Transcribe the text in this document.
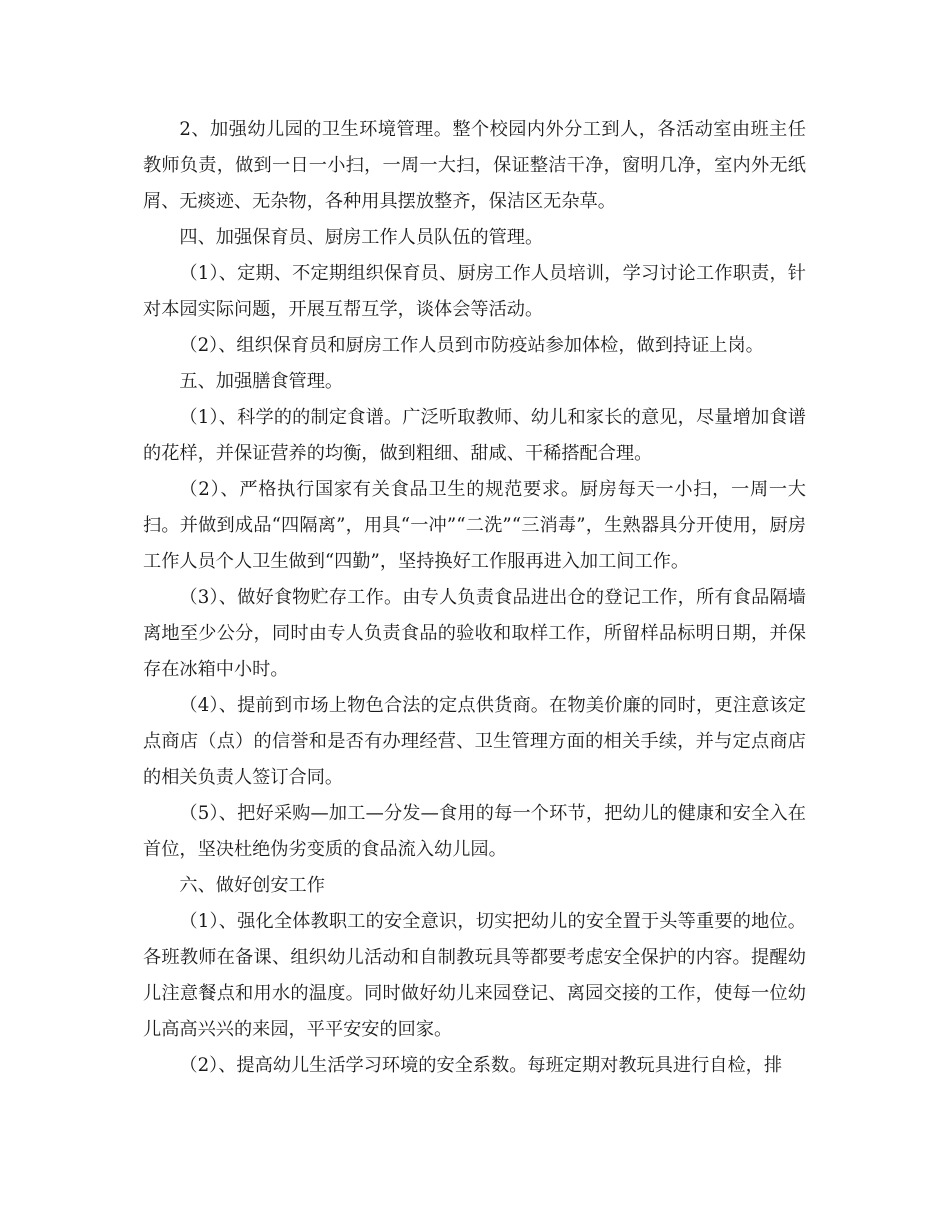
2、加强幼儿园的卫生环境管理。整个校园内外分工到人，各活动室由班主任教师负责，做到一日一小扫，一周一大扫，保证整洁干净，窗明几净，室内外无纸屑、无痰迹、无杂物，各种用具摆放整齐，保洁区无杂草。

四、加强保育员、厨房工作人员队伍的管理。

（1）、定期、不定期组织保育员、厨房工作人员培训，学习讨论工作职责，针对本园实际问题，开展互帮互学，谈体会等活动。

（2）、组织保育员和厨房工作人员到市防疫站参加体检，做到持证上岗。

五、加强膳食管理。

（1）、科学的的制定食谱。广泛听取教师、幼儿和家长的意见，尽量增加食谱的花样，并保证营养的均衡，做到粗细、甜咸、干稀搭配合理。

（2）、严格执行国家有关食品卫生的规范要求。厨房每天一小扫，一周一大扫。并做到成品“四隔离”，用具“一冲”“二洗”“三消毒”，生熟器具分开使用，厨房工作人员个人卫生做到“四勤”，坚持换好工作服再进入加工间工作。

（3）、做好食物贮存工作。由专人负责食品进出仓的登记工作，所有食品隔墙离地至少公分，同时由专人负责食品的验收和取样工作，所留样品标明日期，并保存在冰箱中小时。

（4）、提前到市场上物色合法的定点供货商。在物美价廉的同时，更注意该定点商店（点）的信誉和是否有办理经营、卫生管理方面的相关手续，并与定点商店的相关负责人签订合同。

（5）、把好采购—加工—分发—食用的每一个环节，把幼儿的健康和安全入在首位，坚决杜绝伪劣变质的食品流入幼儿园。

六、做好创安工作

（1）、强化全体教职工的安全意识，切实把幼儿的安全置于头等重要的地位。各班教师在备课、组织幼儿活动和自制教玩具等都要考虑安全保护的内容。提醒幼儿注意餐点和用水的温度。同时做好幼儿来园登记、离园交接的工作，使每一位幼儿高高兴兴的来园，平平安安的回家。

（2）、提高幼儿生活学习环境的安全系数。每班定期对教玩具进行自检，排
